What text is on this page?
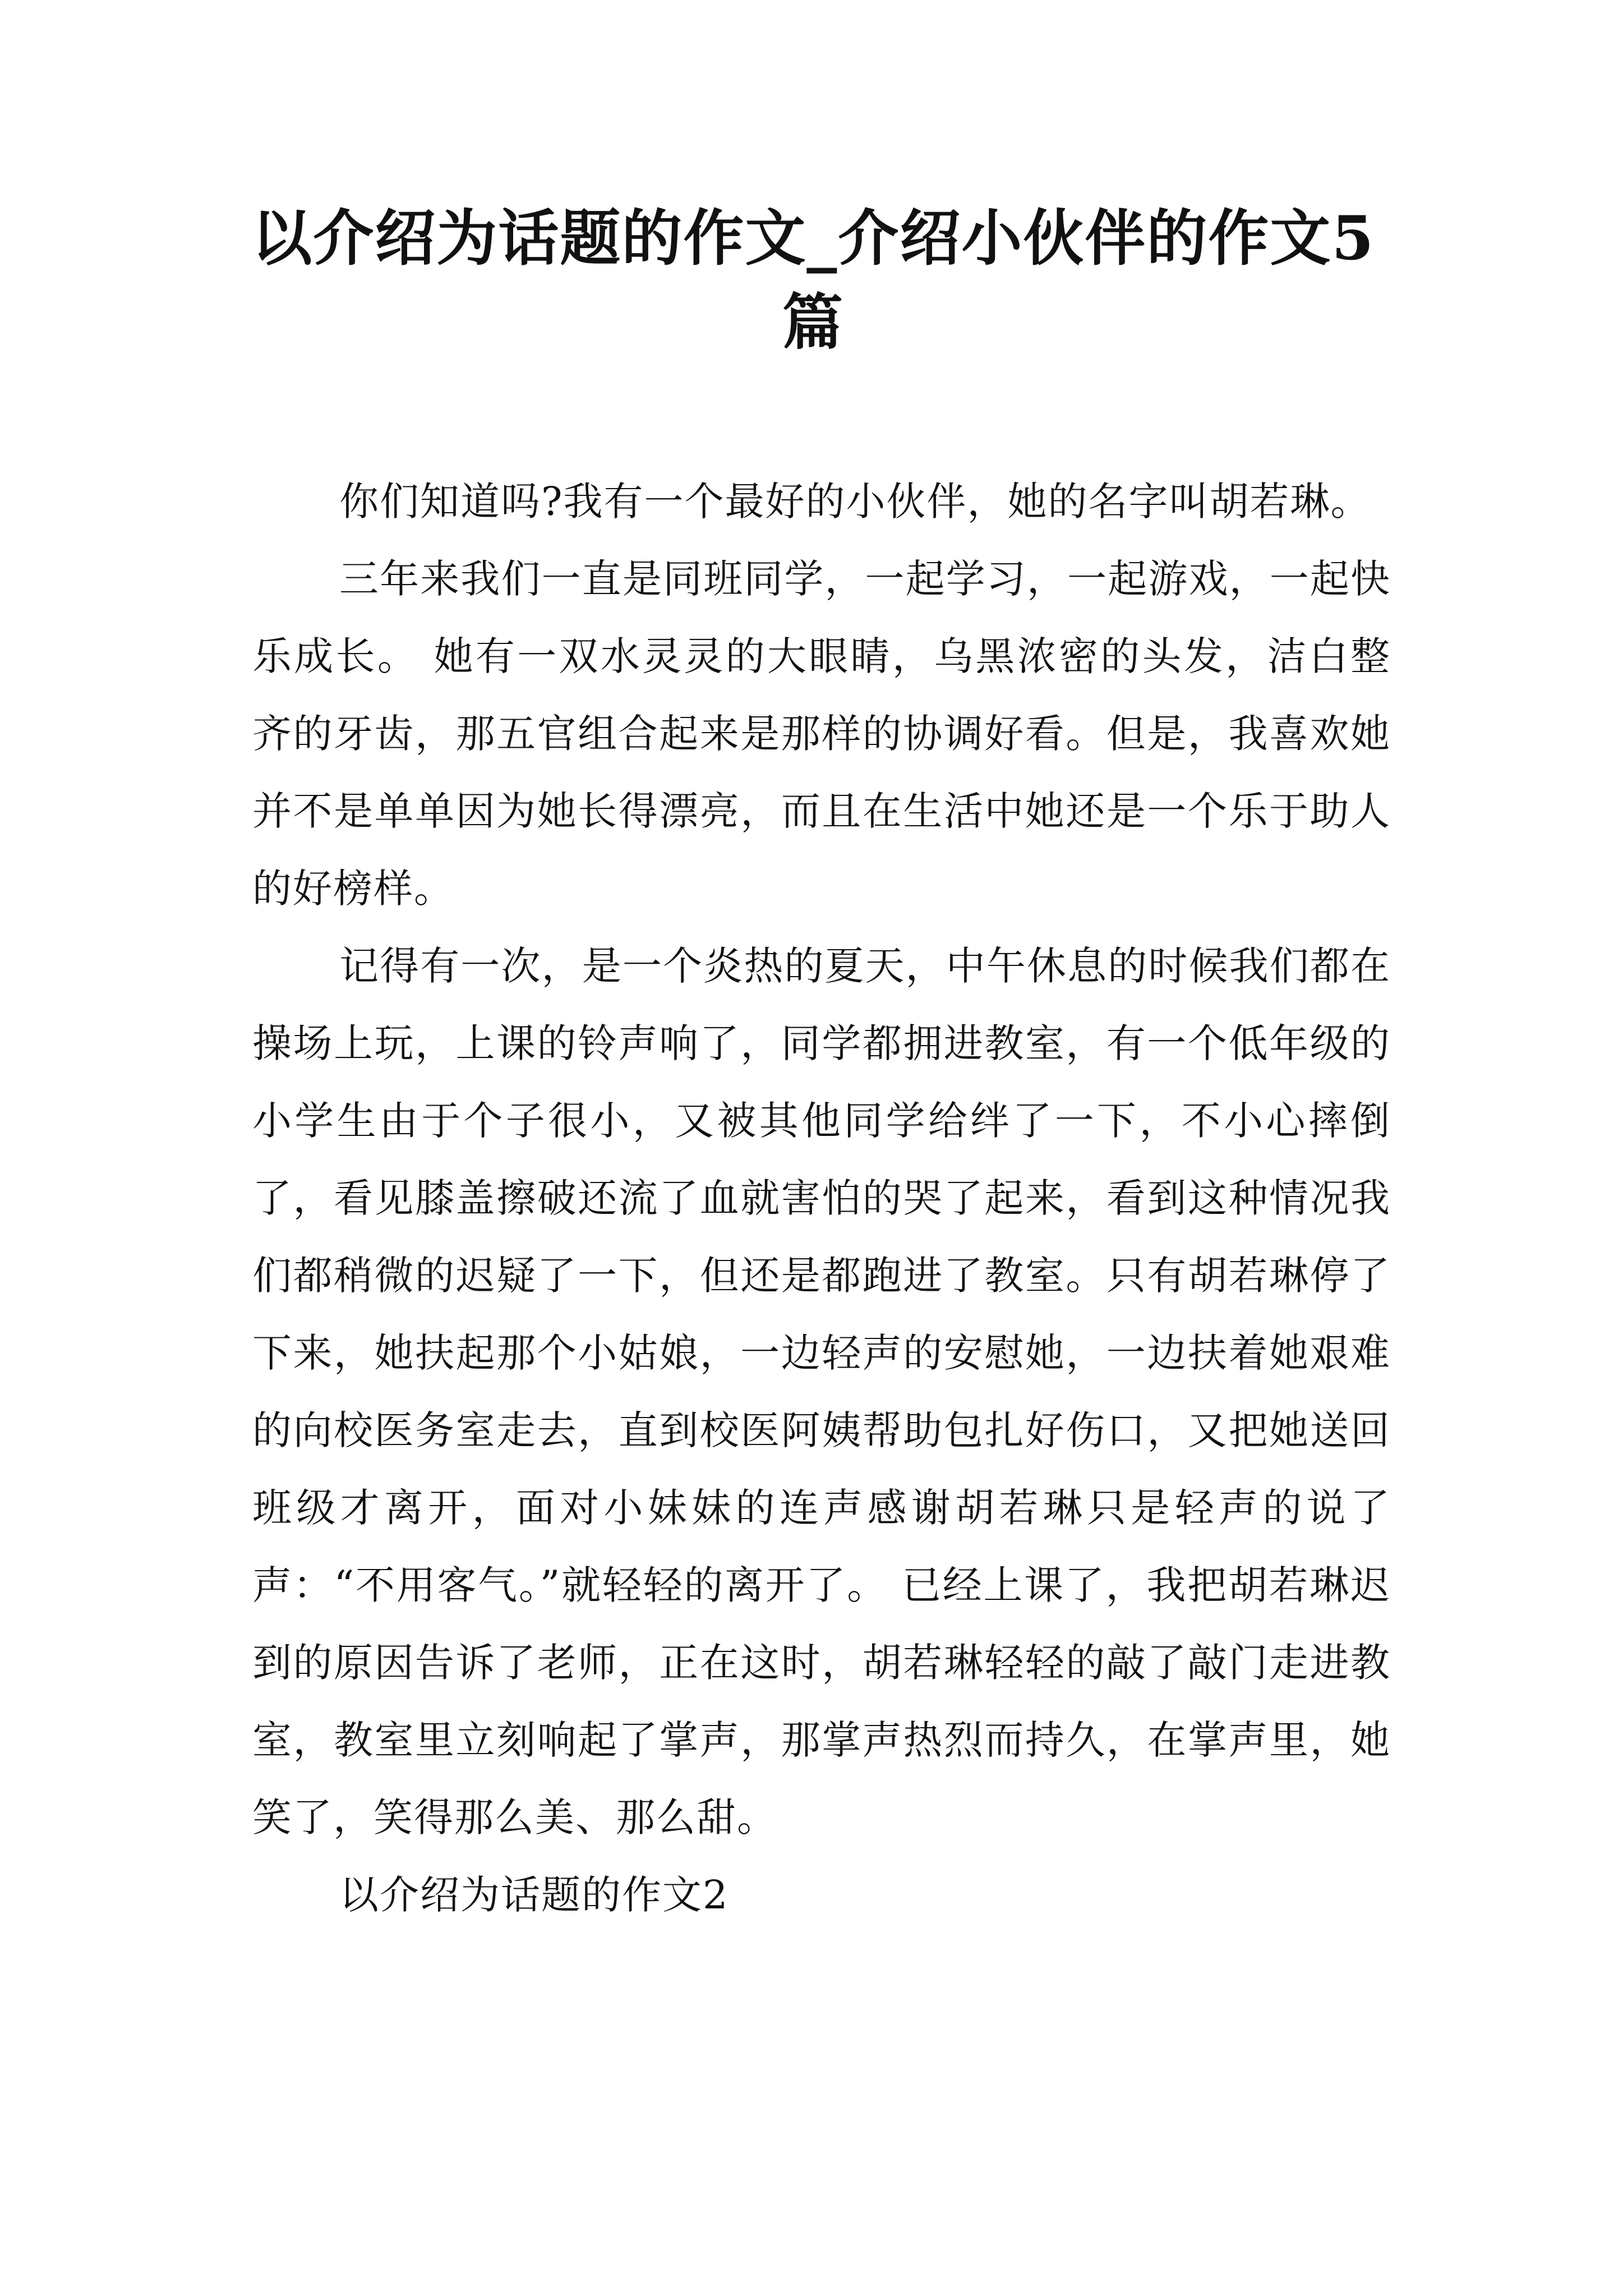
以介绍为话题的作文_介绍小伙伴的作文5篇

你们知道吗?我有一个最好的小伙伴，她的名字叫胡若琳。

三年来我们一直是同班同学，一起学习，一起游戏，一起快乐成长。 她有一双水灵灵的大眼睛，乌黑浓密的头发，洁白整齐的牙齿，那五官组合起来是那样的协调好看。但是，我喜欢她并不是单单因为她长得漂亮，而且在生活中她还是一个乐于助人的好榜样。

记得有一次，是一个炎热的夏天，中午休息的时候我们都在操场上玩，上课的铃声响了，同学都拥进教室，有一个低年级的小学生由于个子很小，又被其他同学给绊了一下，不小心摔倒了，看见膝盖擦破还流了血就害怕的哭了起来，看到这种情况我们都稍微的迟疑了一下，但还是都跑进了教室。只有胡若琳停了下来，她扶起那个小姑娘，一边轻声的安慰她，一边扶着她艰难的向校医务室走去，直到校医阿姨帮助包扎好伤口，又把她送回班级才离开，面对小妹妹的连声感谢胡若琳只是轻声的说了声：“不用客气。”就轻轻的离开了。 已经上课了，我把胡若琳迟到的原因告诉了老师，正在这时，胡若琳轻轻的敲了敲门走进教室，教室里立刻响起了掌声，那掌声热烈而持久，在掌声里，她笑了，笑得那么美、那么甜。

以介绍为话题的作文2
